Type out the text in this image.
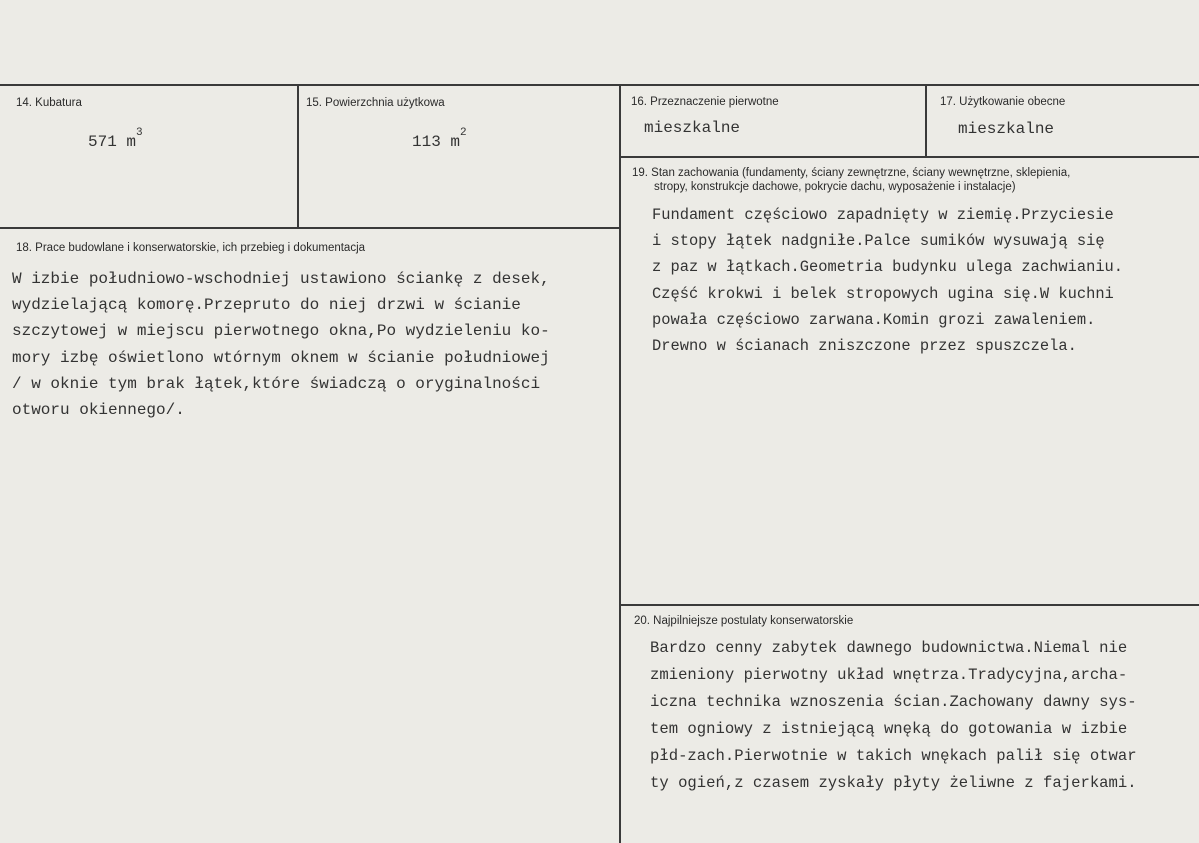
14. Kubatura
571 $m^3$
15. Powierzchnia użytkowa
113 $m^2$
16. Przeznaczenie pierwotne
mieszkalne
17. Użytkowanie obecne
mieszkalne
18. Prace budowlane i konserwatorskie, ich przebieg i dokumentacja

W izbie południowo-wschodniej ustawiono ściankę z desek,

wydzielającą komorę.Przepruto do niej drzwi w ścianie

szczytowej w miejscu pierwotnego okna,Po wydzieleniu ko-

mory izbę oświetlono wtórnym oknem w ścianie południowej

/ w oknie tym brak łątek,które świadczą o oryginalności

otworu okiennego/.

19. Stan zachowania (fundamenty, ściany zewnętrzne, ściany wewnętrzne, sklepienia,
stropy, konstrukcje dachowe, pokrycie dachu, wyposażenie i instalacje)

Fundament częściowo zapadnięty w ziemię.Przyciesie

i stopy łątek nadgniłe.Palce sumików wysuwają się

z paz w łątkach.Geometria budynku ulega zachwianiu.

Część krokwi i belek stropowych ugina się.W kuchni

powała częściowo zarwana.Komin grozi zawaleniem.

Drewno w ścianach zniszczone przez spuszczela.

20. Najpilniejsze postulaty konserwatorskie

Bardzo cenny zabytek dawnego budownictwa.Niemal nie

zmieniony pierwotny układ wnętrza.Tradycyjna,archa-

iczna technika wznoszenia ścian.Zachowany dawny sys-

tem ogniowy z istniejącą wnęką do gotowania w izbie

płd-zach.Pierwotnie w takich wnękach palił się otwar

ty ogień,z czasem zyskały płyty żeliwne z fajerkami.
